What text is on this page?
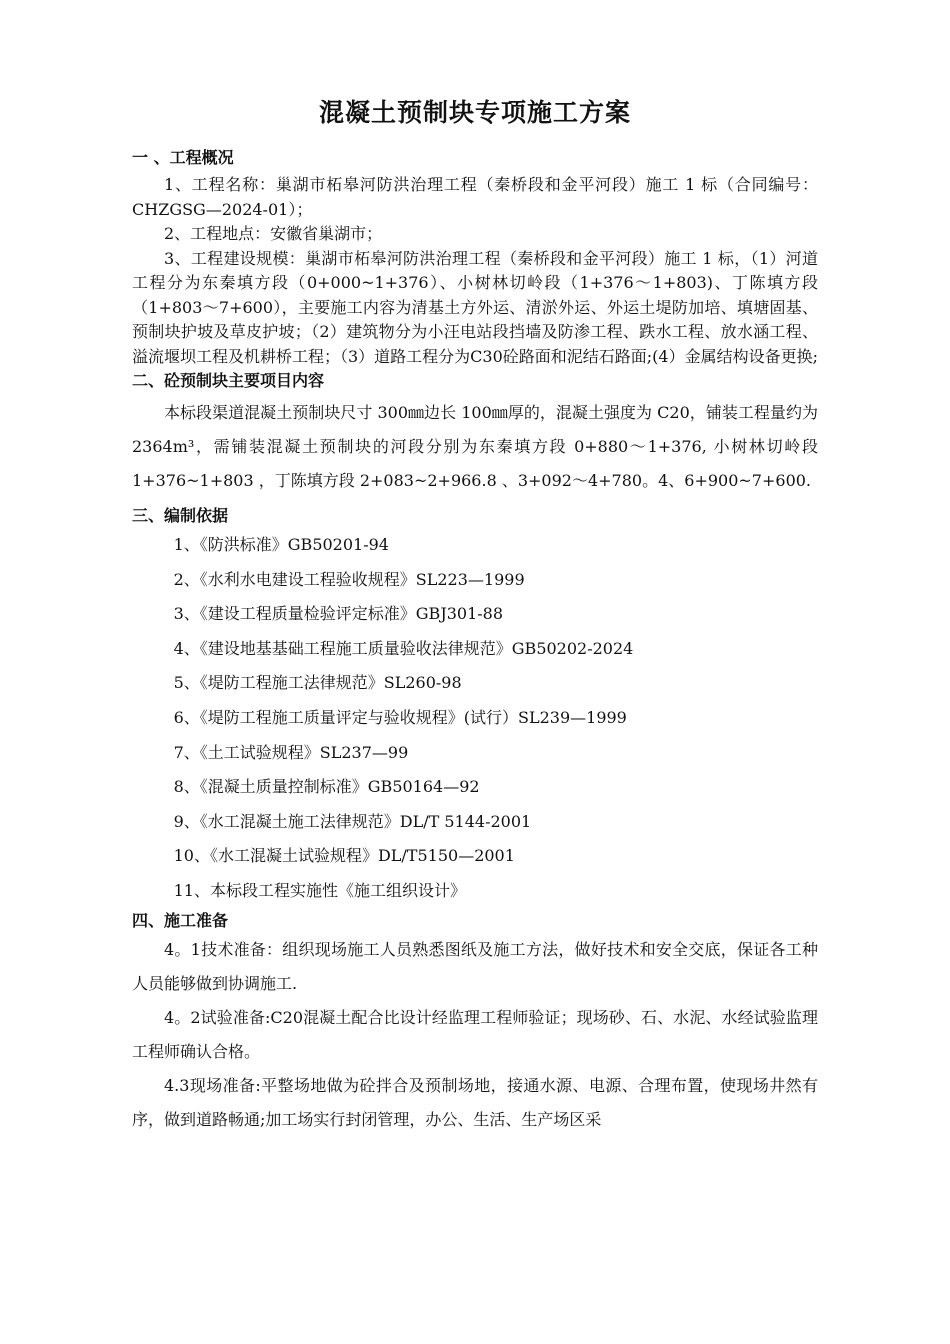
混凝土预制块专项施工方案
一 、工程概况

1、工程名称：巢湖市柘皋河防洪治理工程（秦桥段和金平河段）施工 1 标（合同编号：CHZGSG—2024-01）；

2、工程地点：安徽省巢湖市；

3、工程建设规模：巢湖市柘皋河防洪治理工程（秦桥段和金平河段）施工 1 标，（1）河道工程分为东秦填方段（0+000~1+376）、小树林切岭段（1+376～1+803)、丁陈填方段（1+803～7+600），主要施工内容为清基土方外运、清淤外运、外运土堤防加培、填塘固基、预制块护坡及草皮护坡；（2）建筑物分为小汪电站段挡墙及防渗工程、跌水工程、放水涵工程、溢流堰坝工程及机耕桥工程；（3）道路工程分为C30砼路面和泥结石路面;(4）金属结构设备更换;

二、砼预制块主要项目内容

本标段渠道混凝土预制块尺寸 300㎜边长 100㎜厚的，混凝土强度为 C20，铺装工程量约为 2364m³，需铺装混凝土预制块的河段分别为东秦填方段 0+880～1+376, 小树林切岭段 1+376~1+803 ，丁陈填方段 2+083~2+966.8 、3+092～4+780。4、6+900~7+600.

三、编制依据
1、《防洪标准》GB50201-94
2、《水利水电建设工程验收规程》SL223—1999
3、《建设工程质量检验评定标准》GBJ301-88
4、《建设地基基础工程施工质量验收法律规范》GB50202-2024
5、《堤防工程施工法律规范》SL260-98
6、《堤防工程施工质量评定与验收规程》(试行）SL239—1999
7、《土工试验规程》SL237—99
8、《混凝土质量控制标准》GB50164—92
9、《水工混凝土施工法律规范》DL/T 5144-2001
10、《水工混凝土试验规程》DL/T5150—2001
11、本标段工程实施性《施工组织设计》
四、施工准备

4。1技术准备：组织现场施工人员熟悉图纸及施工方法，做好技术和安全交底，保证各工种人员能够做到协调施工.

4。2试验准备:C20混凝土配合比设计经监理工程师验证；现场砂、石、水泥、水经试验监理工程师确认合格。

4.3现场准备:平整场地做为砼拌合及预制场地，接通水源、电源、合理布置，使现场井然有序，做到道路畅通;加工场实行封闭管理，办公、生活、生产场区采
